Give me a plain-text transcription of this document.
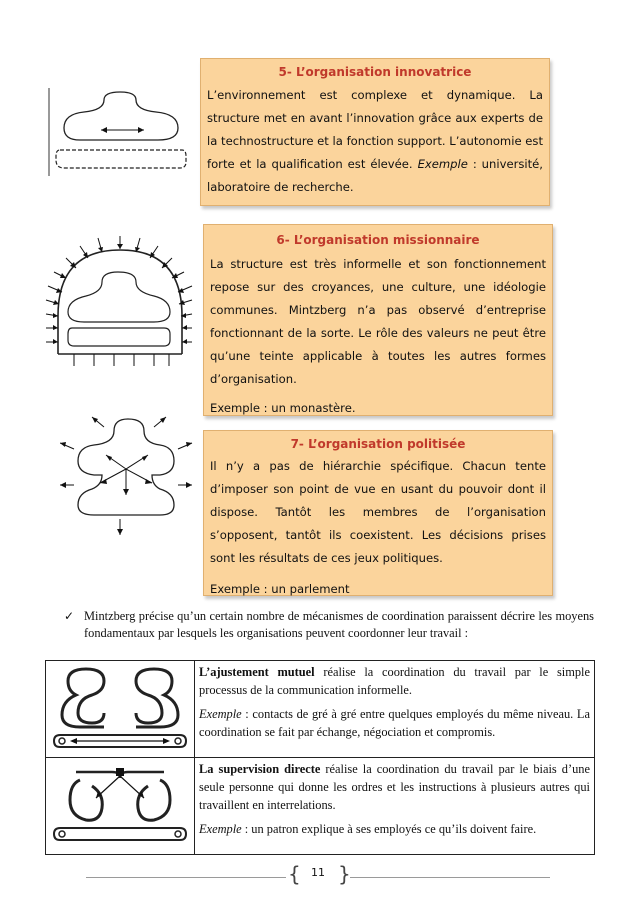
5- L’organisation innovatrice
L’environnement est complexe et dynamique. La structure met en avant l’innovation grâce aux experts de la technostructure et la fonction support. L’autonomie est forte et la qualification est élevée. Exemple : université, laboratoire de recherche.
6- L’organisation missionnaire
La structure est très informelle et son fonctionnement repose sur des croyances, une culture, une idéologie communes. Mintzberg n’a pas observé d’entreprise fonctionnant de la sorte. Le rôle des valeurs ne peut être qu’une teinte applicable à toutes les autres formes d’organisation.
Exemple : un monastère.
7- L’organisation politisée
Il n’y a pas de hiérarchie spécifique. Chacun tente d’imposer son point de vue en usant du pouvoir dont il dispose. Tantôt les membres de l’organisation s’opposent, tantôt ils coexistent. Les décisions prises sont les résultats de ces jeux politiques.
Exemple : un parlement
✓ Mintzberg précise qu’un certain nombre de mécanismes de coordination paraissent décrire les moyens fondamentaux par lesquels les organisations peuvent coordonner leur travail :

L’ajustement mutuel réalise la coordination du travail par le simple processus de la communication informelle.

Exemple : contacts de gré à gré entre quelques employés du même niveau. La coordination se fait par échange, négociation et compromis.

La supervision directe réalise la coordination du travail par le biais d’une seule personne qui donne les ordres et les instructions à plusieurs autres qui travaillent en interrelations.

Exemple : un patron explique à ses employés ce qu’ils doivent faire.

{ }
11
